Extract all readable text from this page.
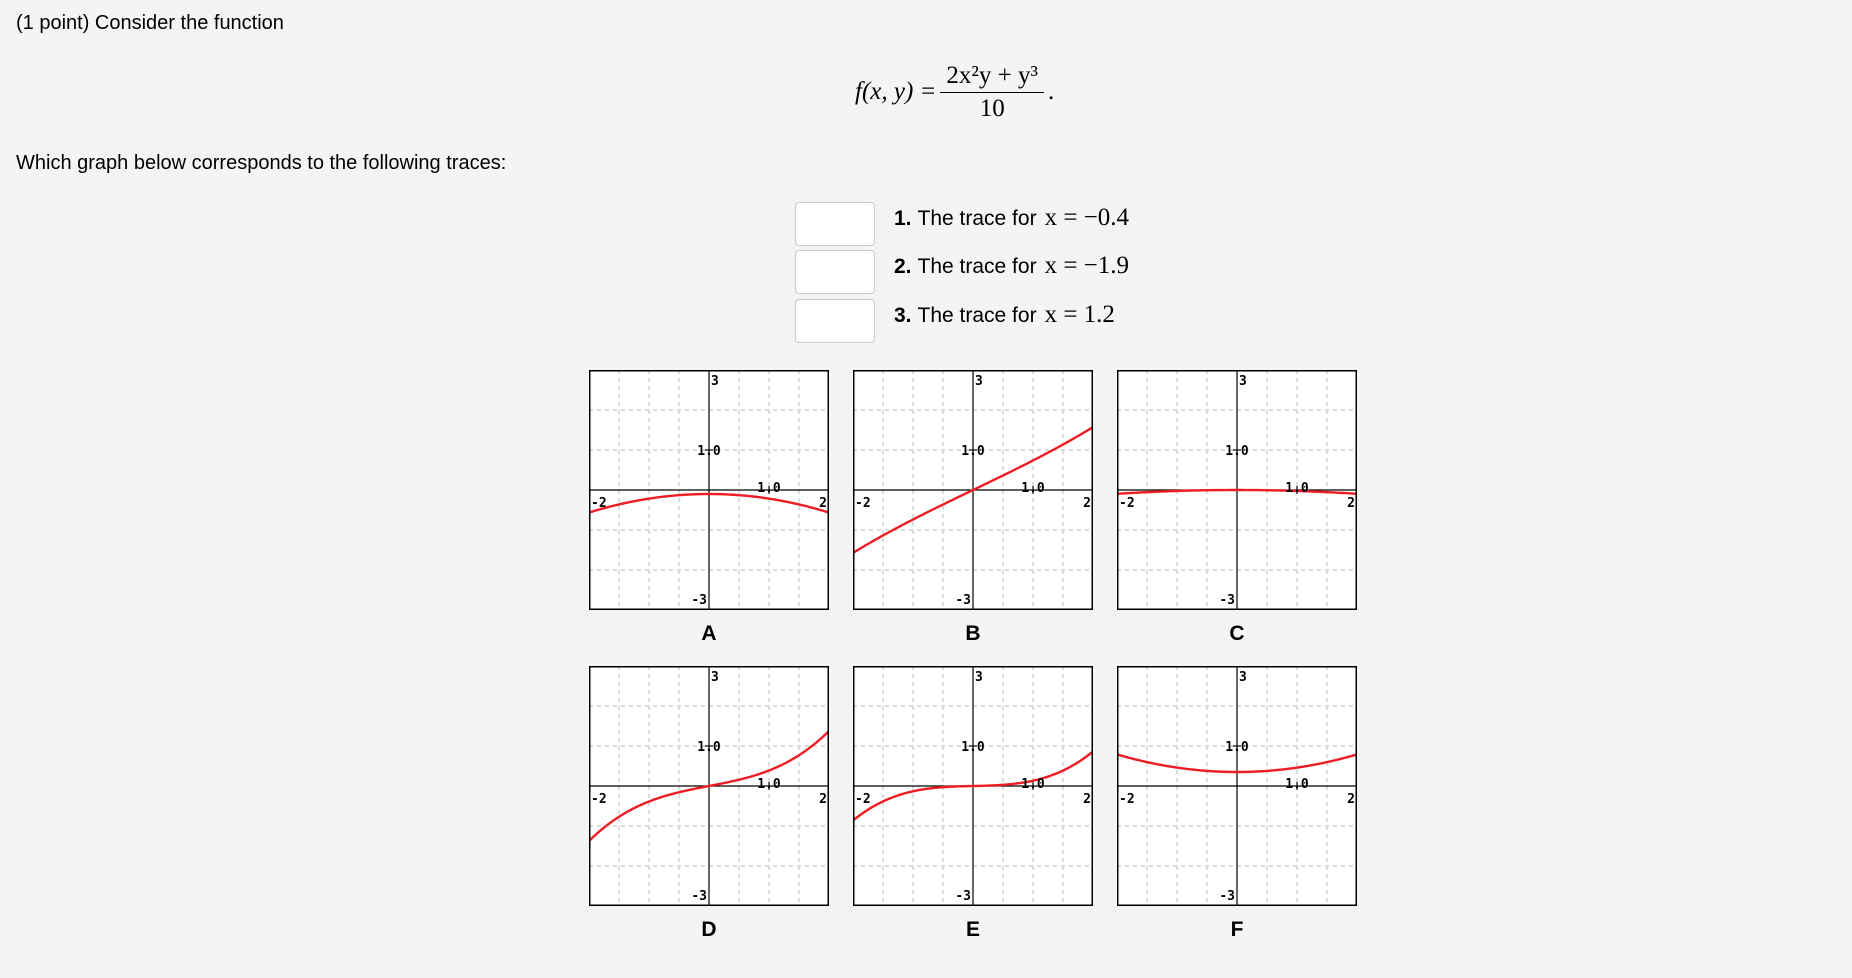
(1 point) Consider the function
f(x, $y) = \frac{\text{2x²y + y³}}{10}$ .
Which graph below corresponds to the following traces:
1. The trace for x = −0.4
2. The trace for x = −1.9
3. The trace for x = 1.2
-2	2
3
-3
1.0
1.0
A
-2	2
3
-3
1.0
1.0
B
-2	2
3
-3
1.0
1.0
C
-2	2
3
-3
1.0
1.0
D
-2	2
3
-3
1.0
1.0
E
-2	2
3
-3
1.0
1.0
F
